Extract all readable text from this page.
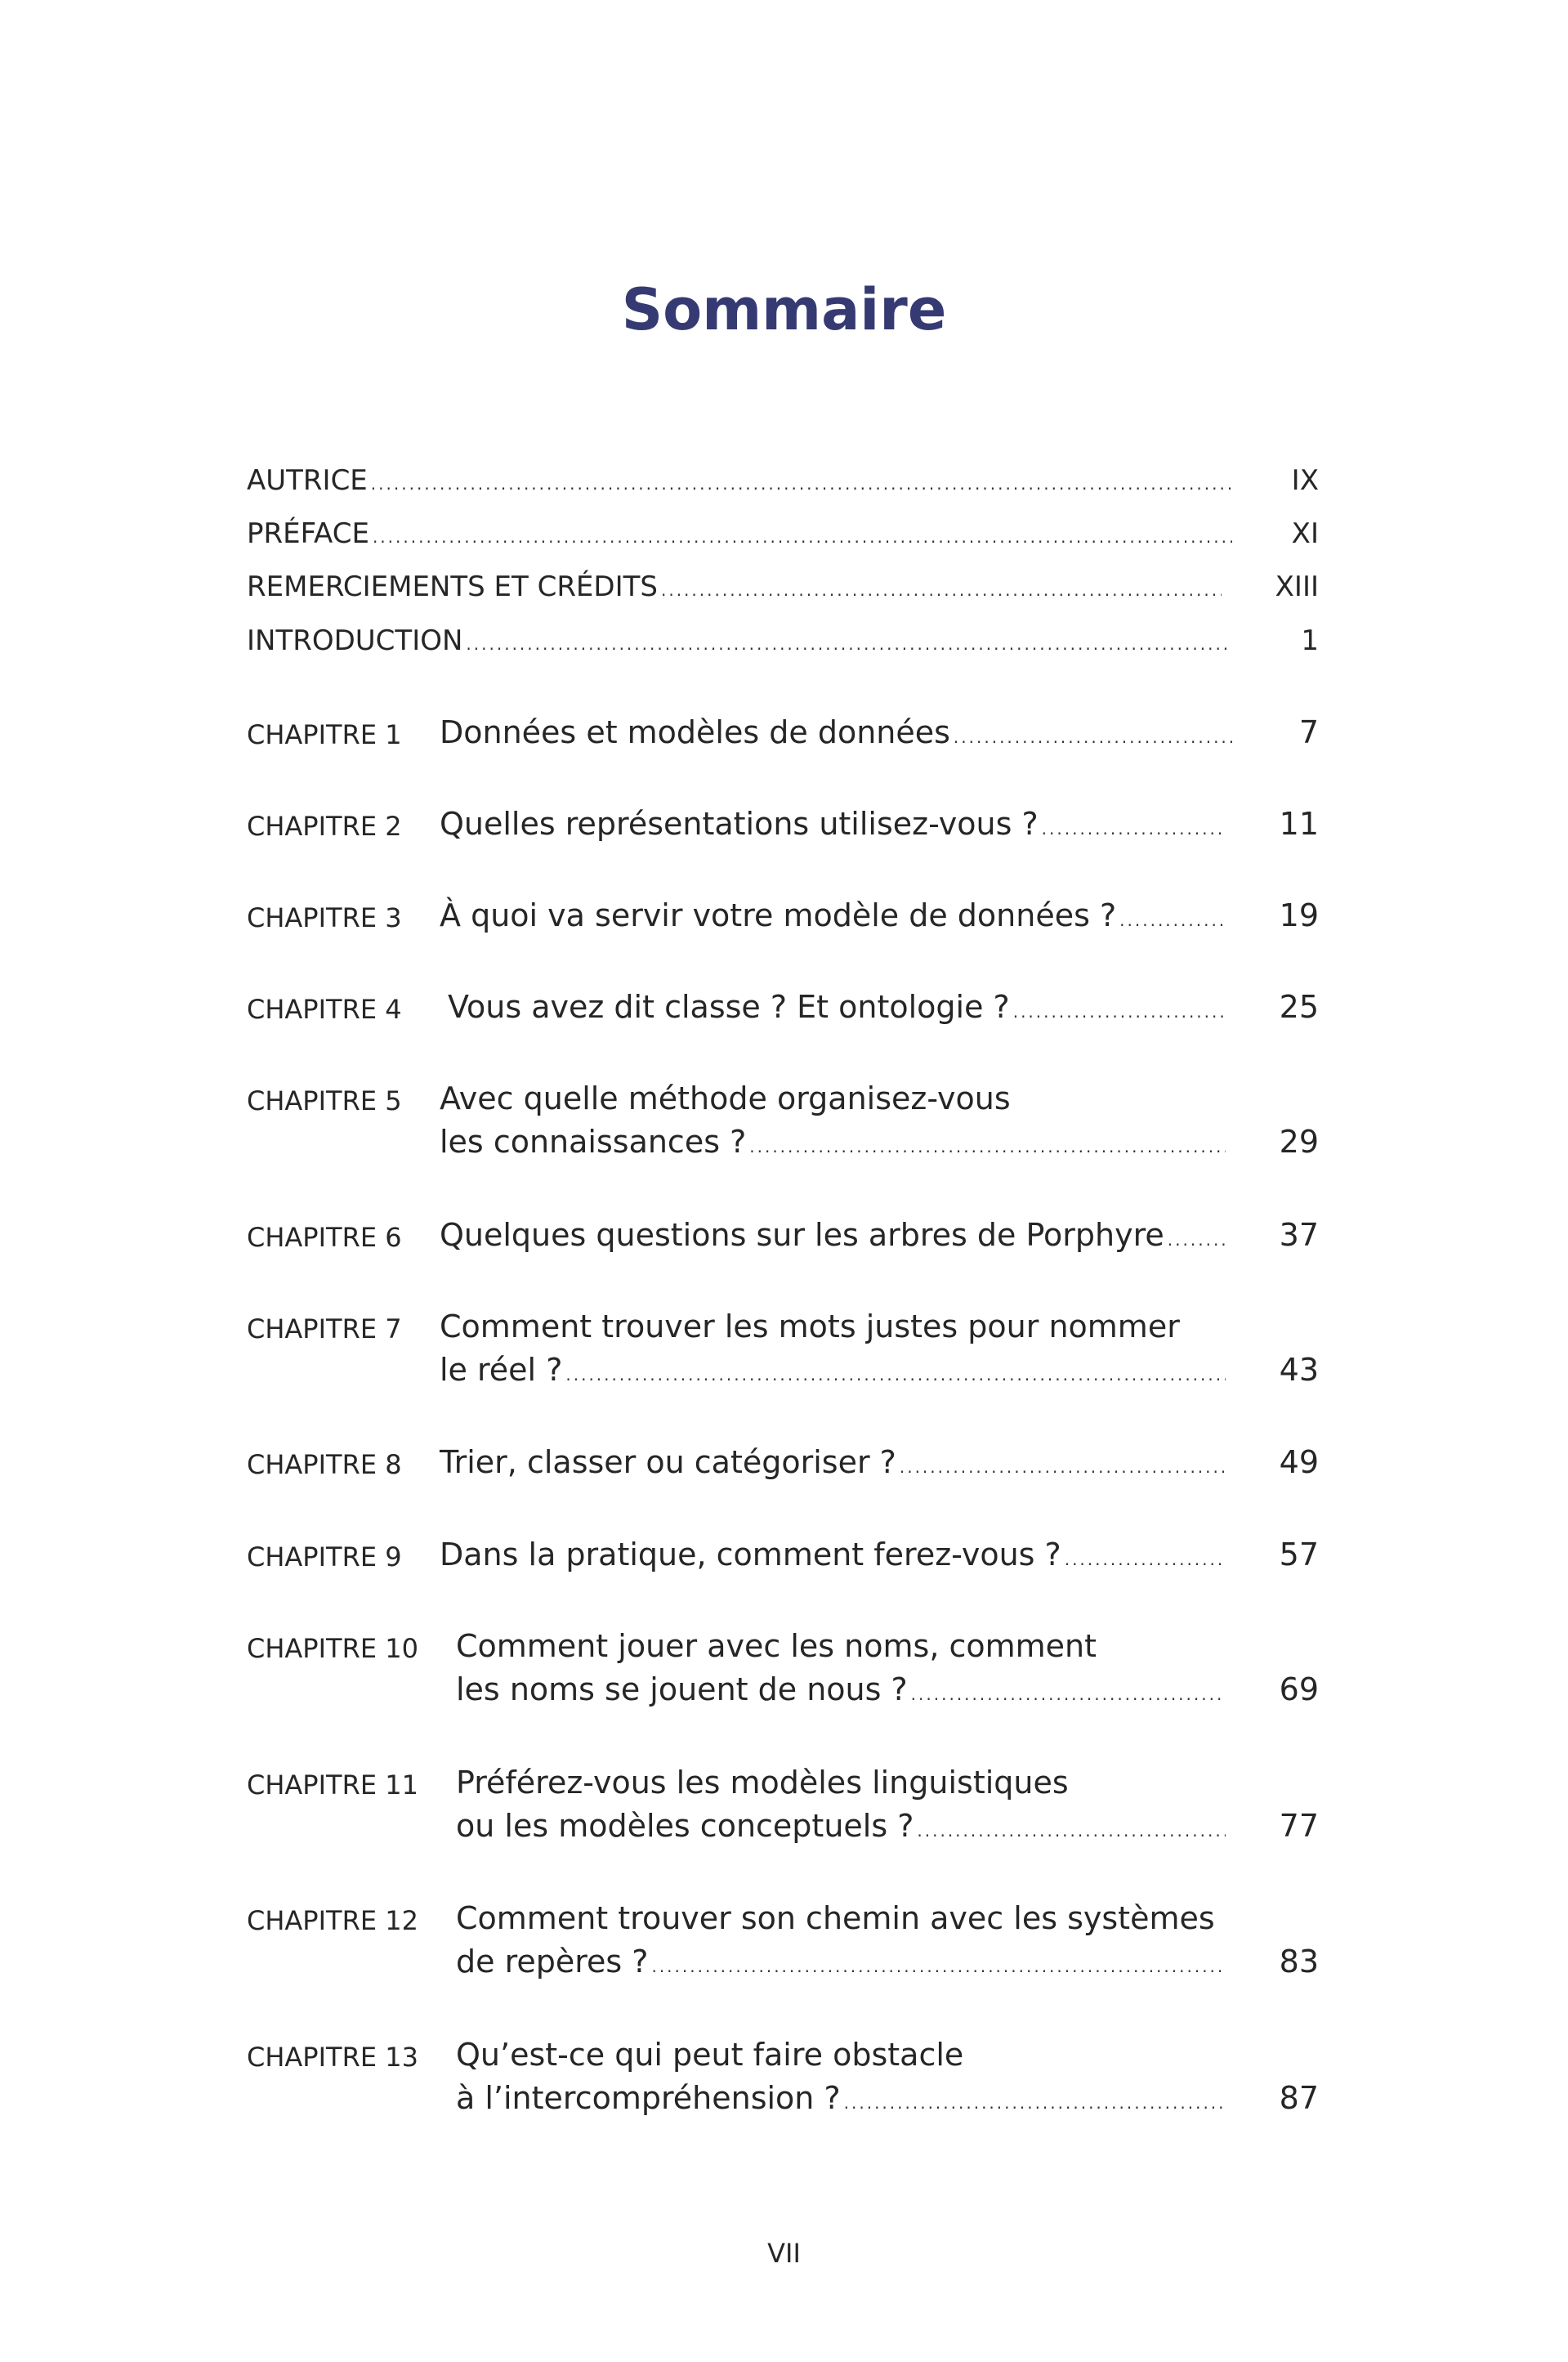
Sommaire
AUTRICE .....	IX
PRÉFACE .....	XI
REMERCIEMENTS ET CRÉDITS .....	XIII
INTRODUCTION .....	1
CHAPITRE 1 Données et modèles de données .....	7
CHAPITRE 2 Quelles représentations utilisez-vous ? .....	11
CHAPITRE 3 À quoi va servir votre modèle de données ? .....	19
CHAPITRE 4 Vous avez dit classe ? Et ontologie ? .....	25
CHAPITRE 5 Avec quelle méthode organisez-vous
les connaissances ? .....	29
CHAPITRE 6 Quelques questions sur les arbres de Porphyre .....	37
CHAPITRE 7 Comment trouver les mots justes pour nommer
le réel ? .....	43
CHAPITRE 8 Trier, classer ou catégoriser ? .....	49
CHAPITRE 9 Dans la pratique, comment ferez-vous ? .....	57
CHAPITRE 10 Comment jouer avec les noms, comment
les noms se jouent de nous ? .....	69
CHAPITRE 11 Préférez-vous les modèles linguistiques
ou les modèles conceptuels ? .....	77
CHAPITRE 12 Comment trouver son chemin avec les systèmes
de repères ? .....	83
CHAPITRE 13 Qu’est-ce qui peut faire obstacle
à l’intercompréhension ? .....	87
VII
